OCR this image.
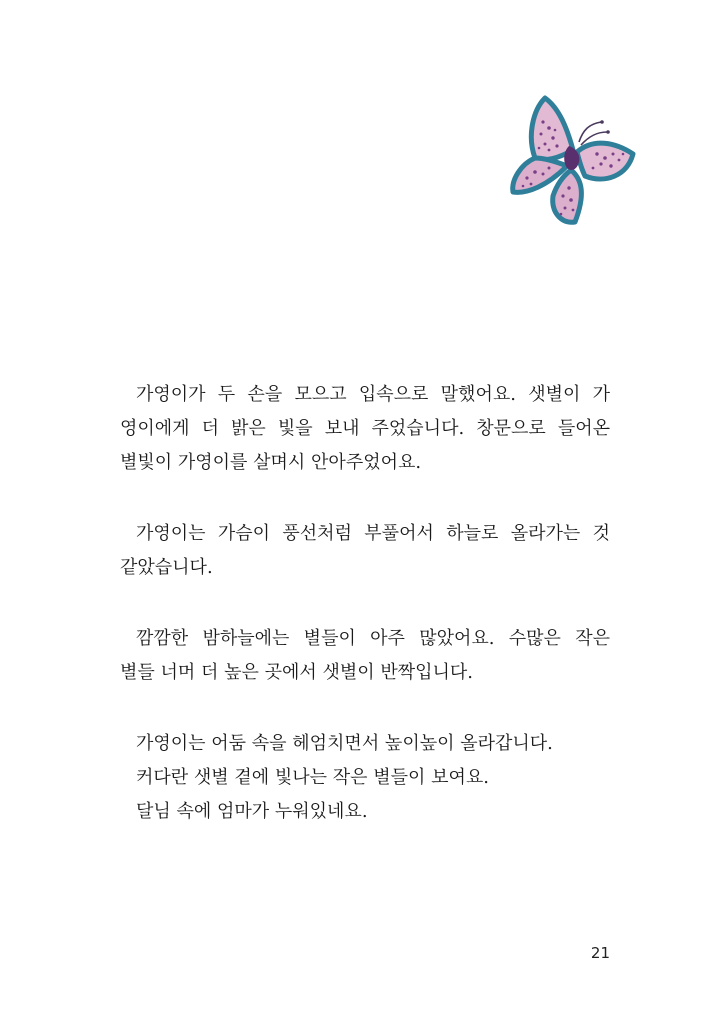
가영이가 두 손을 모으고 입속으로 말했어요. 샛별이 가
영이에게 더 밝은 빛을 보내 주었습니다. 창문으로 들어온
별빛이 가영이를 살며시 안아주었어요.

가영이는 가슴이 풍선처럼 부풀어서 하늘로 올라가는 것
같았습니다.

깜깜한 밤하늘에는 별들이 아주 많았어요. 수많은 작은
별들 너머 더 높은 곳에서 샛별이 반짝입니다.

가영이는 어둠 속을 헤엄치면서 높이높이 올라갑니다.
커다란 샛별 곁에 빛나는 작은 별들이 보여요.
달님 속에 엄마가 누워있네요.

21
